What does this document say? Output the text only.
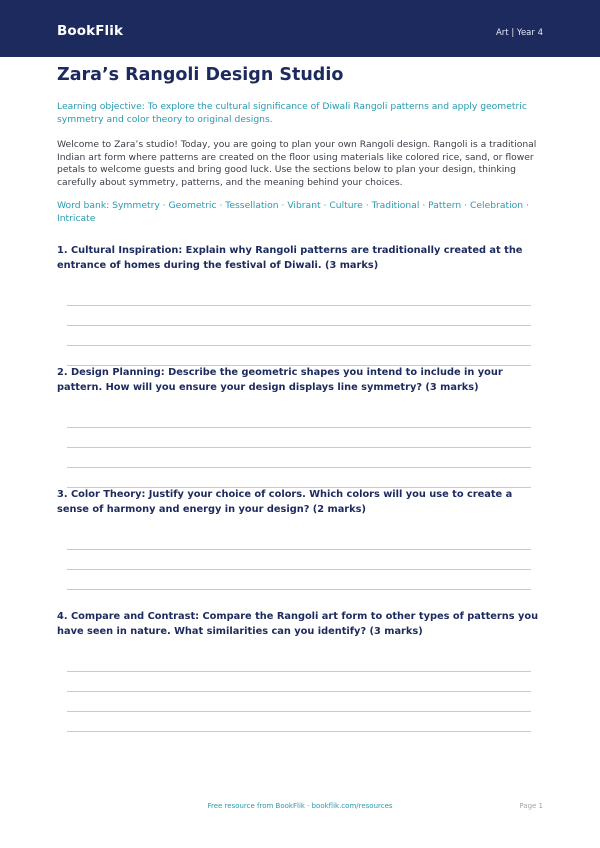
BookFlik	Art | Year 4
Zara’s Rangoli Design Studio
Learning objective: To explore the cultural significance of Diwali Rangoli patterns and apply geometric symmetry and color theory to original designs.
Welcome to Zara’s studio! Today, you are going to plan your own Rangoli design. Rangoli is a traditional Indian art form where patterns are created on the floor using materials like colored rice, sand, or flower petals to welcome guests and bring good luck. Use the sections below to plan your design, thinking carefully about symmetry, patterns, and the meaning behind your choices.
Word bank: Symmetry · Geometric · Tessellation · Vibrant · Culture · Traditional · Pattern · Celebration · Intricate
1. Cultural Inspiration: Explain why Rangoli patterns are traditionally created at the entrance of homes during the festival of Diwali. (3 marks)
2. Design Planning: Describe the geometric shapes you intend to include in your pattern. How will you ensure your design displays line symmetry? (3 marks)
3. Color Theory: Justify your choice of colors. Which colors will you use to create a sense of harmony and energy in your design? (2 marks)
4. Compare and Contrast: Compare the Rangoli art form to other types of patterns you have seen in nature. What similarities can you identify? (3 marks)
Free resource from BookFlik · bookflik.com/resources	Page 1
